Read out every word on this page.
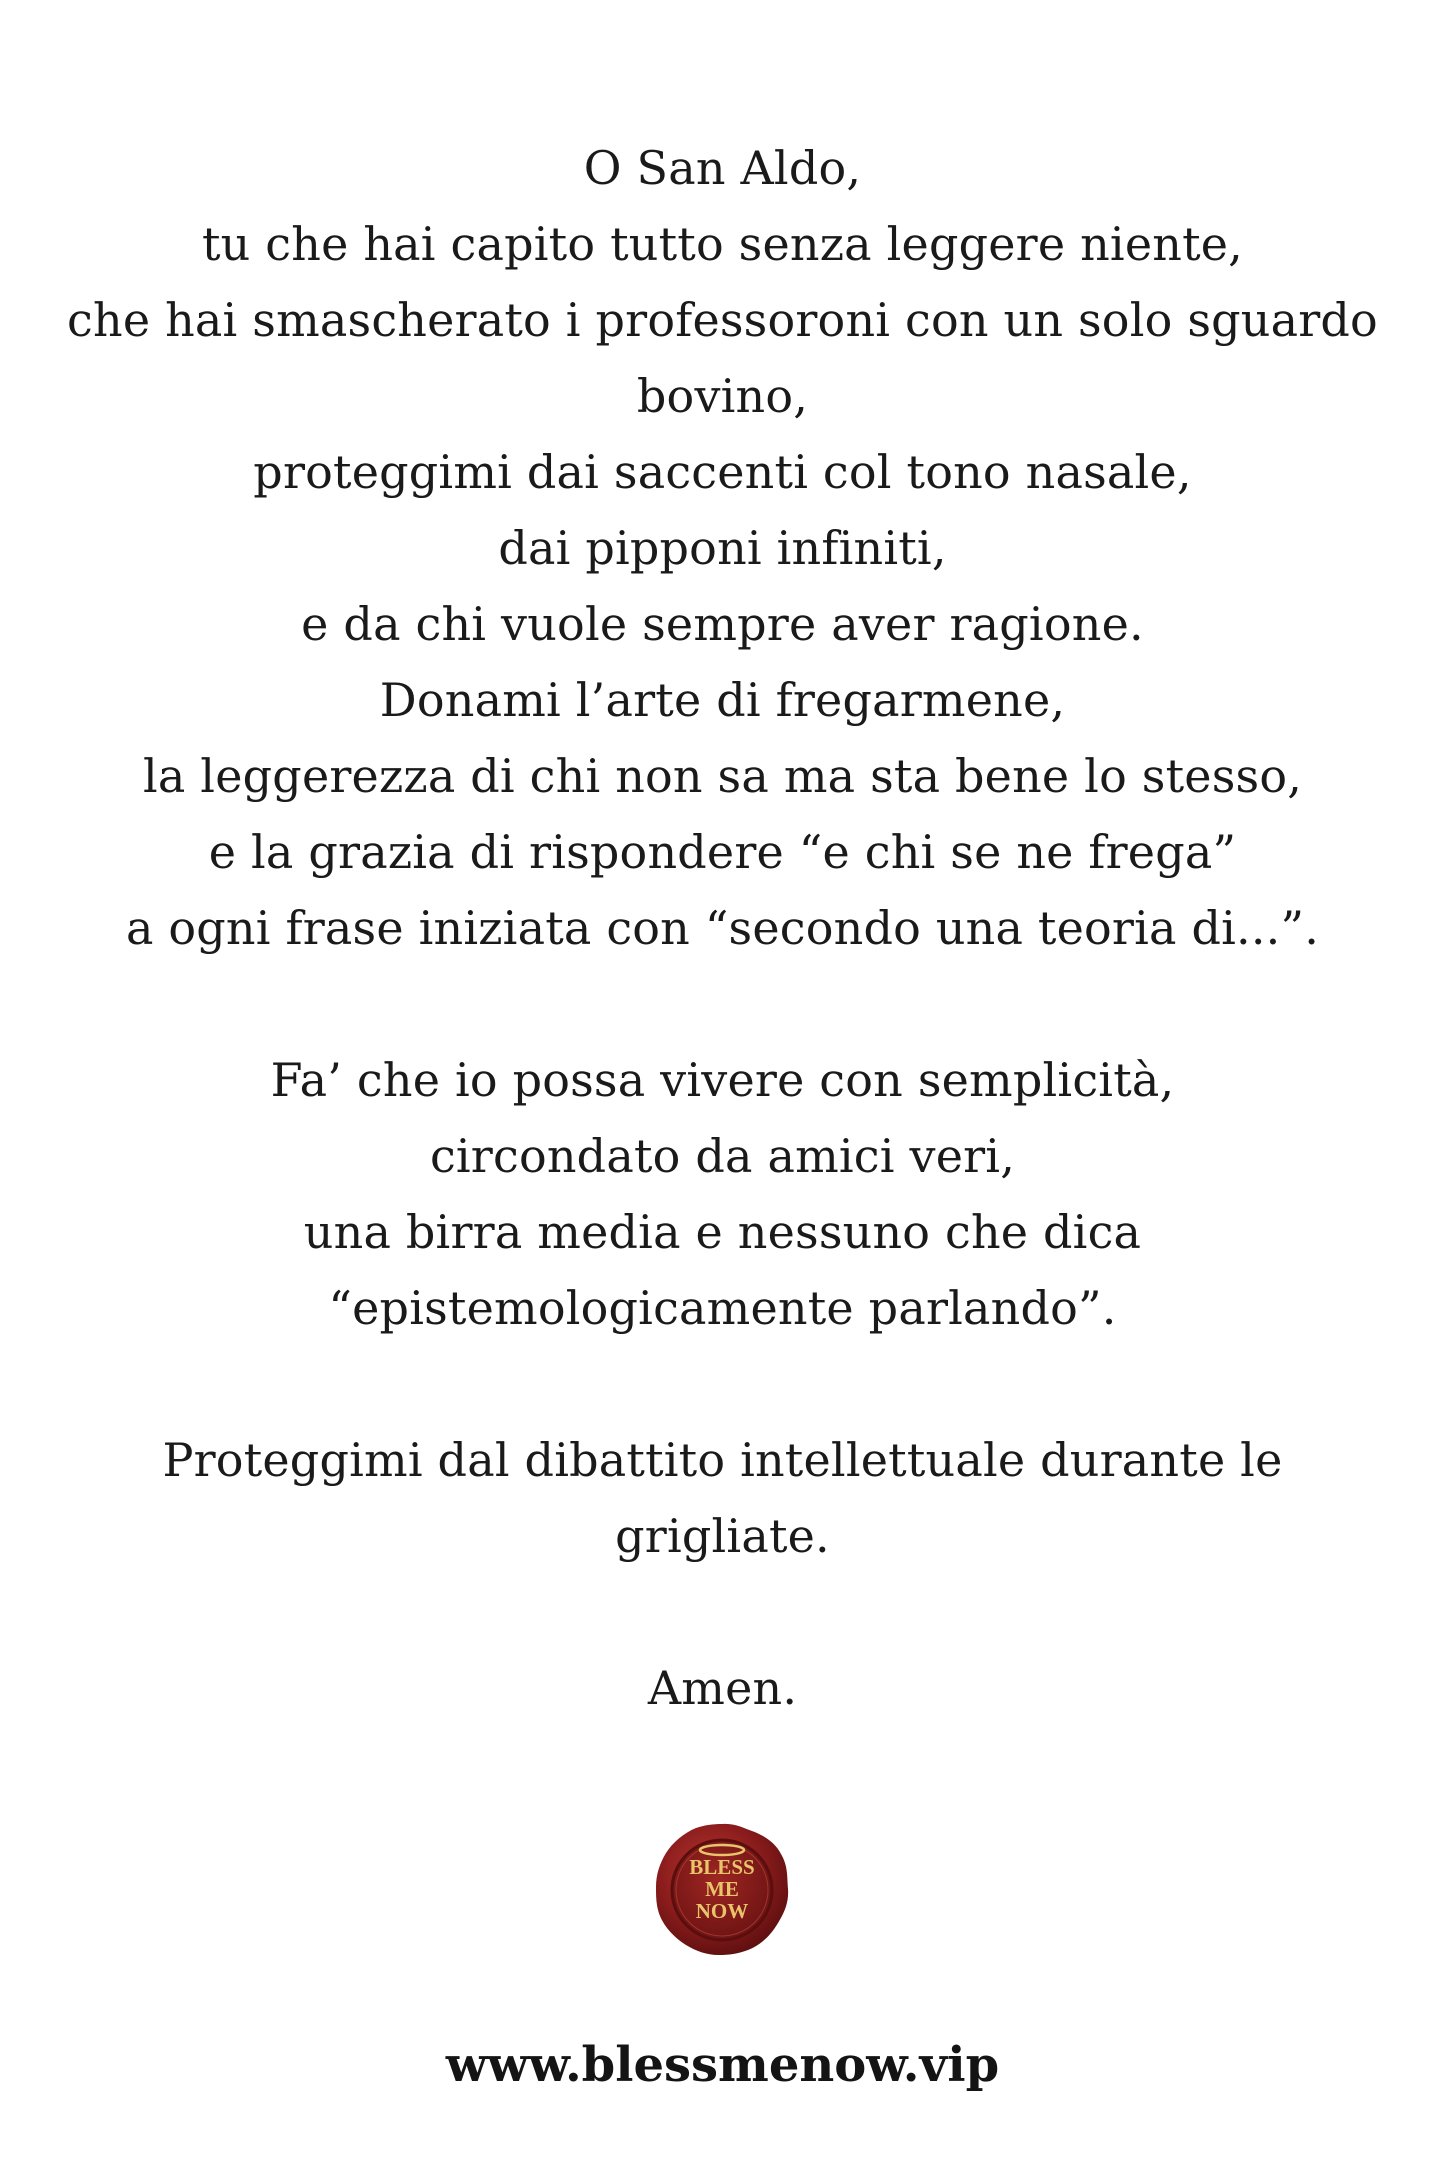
O San Aldo,
tu che hai capito tutto senza leggere niente,
che hai smascherato i professoroni con un solo sguardo
bovino,
proteggimi dai saccenti col tono nasale,
dai pipponi infiniti,
e da chi vuole sempre aver ragione.
Donami l’arte di fregarmene,
la leggerezza di chi non sa ma sta bene lo stesso,
e la grazia di rispondere “e chi se ne frega”
a ogni frase iniziata con “secondo una teoria di...”.

Fa’ che io possa vivere con semplicità,
circondato da amici veri,
una birra media e nessuno che dica
“epistemologicamente parlando”.

Proteggimi dal dibattito intellettuale durante le
grigliate.

Amen.

BLESS
ME
NOW
www.blessmenow.vip
